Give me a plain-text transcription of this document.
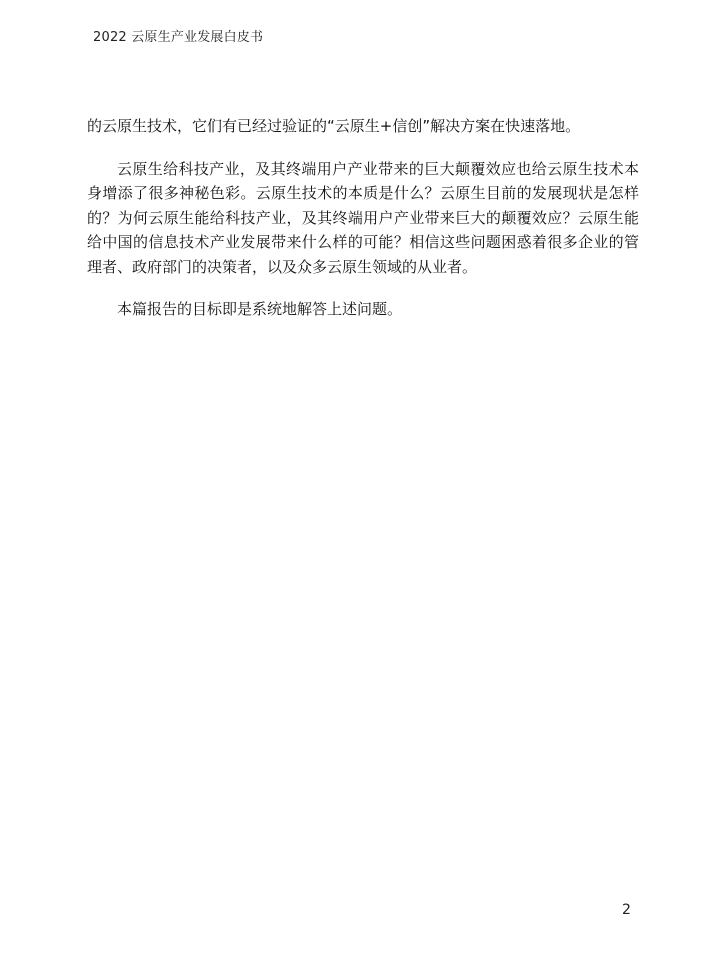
2022 云原生产业发展白皮书

的云原生技术，它们有已经过验证的“云原生+信创”解决方案在快速落地。

云原生给科技产业，及其终端用户产业带来的巨大颠覆效应也给云原生技术本身增添了很多神秘色彩。云原生技术的本质是什么？云原生目前的发展现状是怎样的？为何云原生能给科技产业，及其终端用户产业带来巨大的颠覆效应？云原生能给中国的信息技术产业发展带来什么样的可能？相信这些问题困惑着很多企业的管理者、政府部门的决策者，以及众多云原生领域的从业者。

本篇报告的目标即是系统地解答上述问题。

2
